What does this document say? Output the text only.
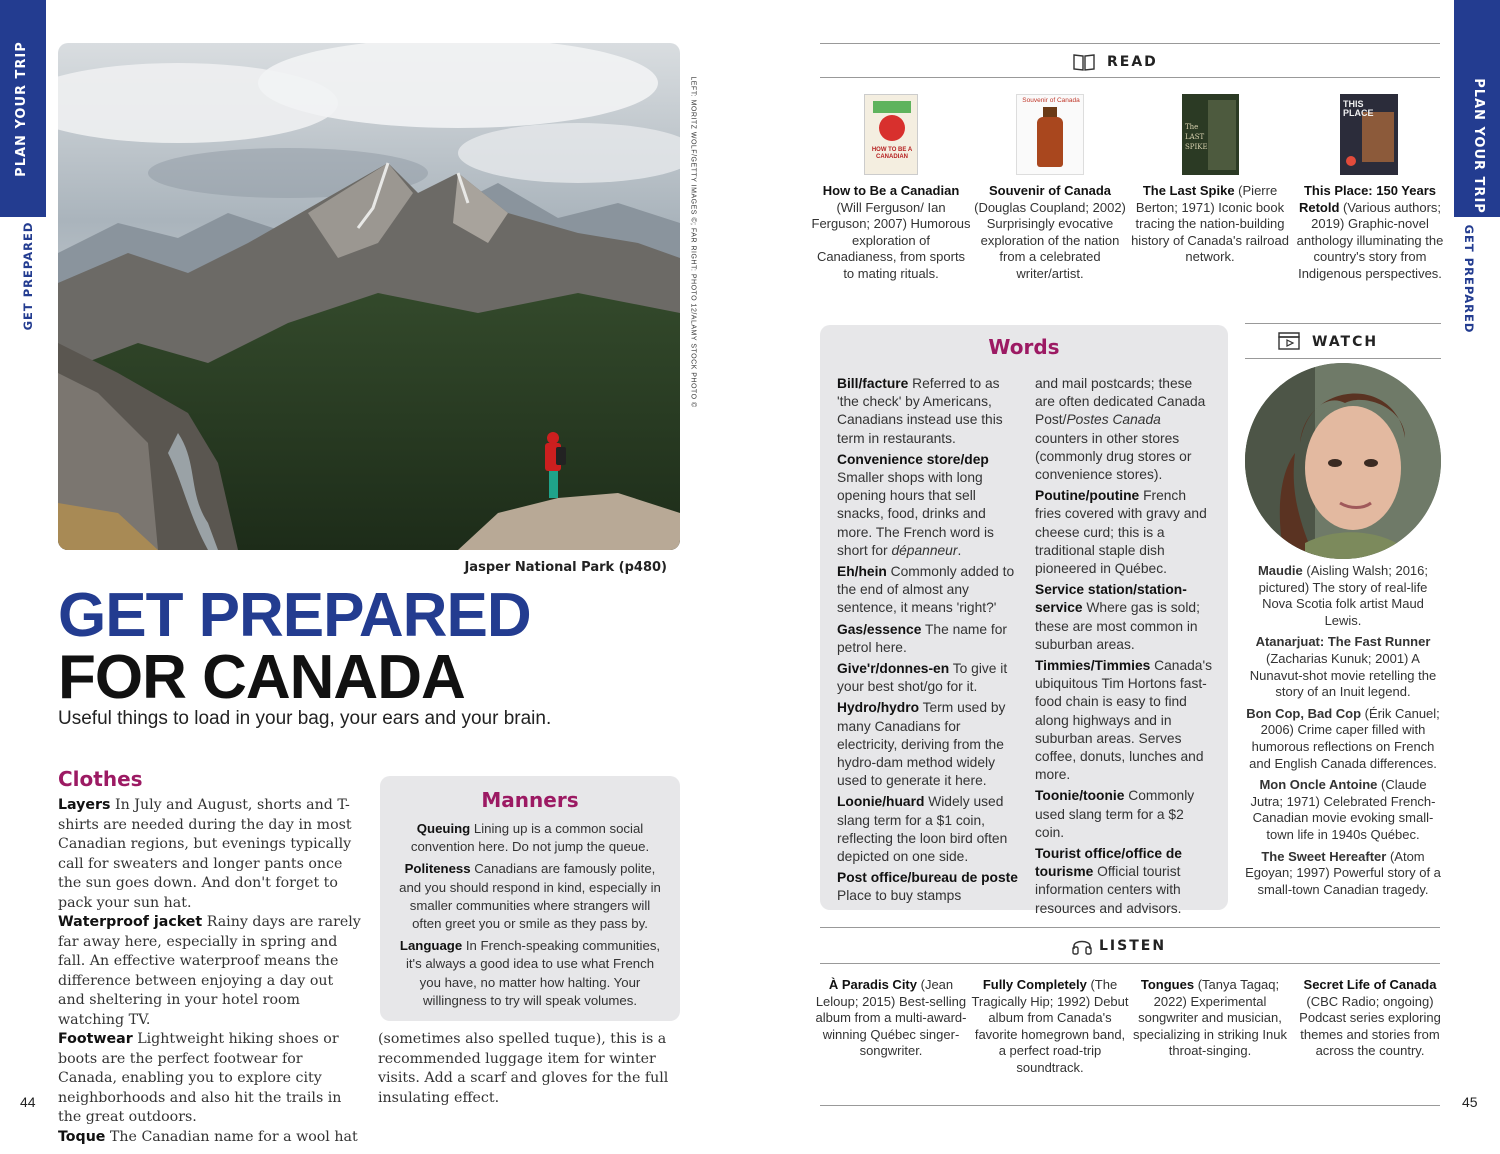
PLAN YOUR TRIP
GET PREPARED
44
LEFT: MORITZ WOLF/GETTY IMAGES ©; FAR RIGHT: PHOTO 12/ALAMY STOCK PHOTO ©
Jasper National Park (p480)
GET PREPARED
FOR CANADA
Useful things to load in your bag, your ears and your brain.
Clothes

Layers In July and August, shorts and T-shirts are needed during the day in most Canadian regions, but evenings typically call for sweaters and longer pants once the sun goes down. And don't forget to pack your sun hat.

Waterproof jacket Rainy days are rarely far away here, especially in spring and fall. An effective waterproof means the difference between enjoying a day out and sheltering in your hotel room watching TV.

Footwear Lightweight hiking shoes or boots are the perfect footwear for Canada, enabling you to explore city neighborhoods and also hit the trails in the great outdoors.

Toque The Canadian name for a wool hat

Manners

Queuing Lining up is a common social convention here. Do not jump the queue.

Politeness Canadians are famously polite, and you should respond in kind, especially in smaller communities where strangers will often greet you or smile as they pass by.

Language In French-speaking communities, it's always a good idea to use what French you have, no matter how halting. Your willingness to try will speak volumes.

(sometimes also spelled tuque), this is a recommended luggage item for winter visits. Add a scarf and gloves for the full insulating effect.
PLAN YOUR TRIP
GET PREPARED
45
READ
HOW TO BE A CANADIAN
Souvenir of Canada
The LAST SPIKE
THIS PLACE
How to Be a Canadian (Will Ferguson/ Ian Ferguson; 2007) Humorous exploration of Canadianess, from sports to mating rituals.
Souvenir of Canada (Douglas Coupland; 2002) Surprisingly evocative exploration of the nation from a celebrated writer/artist.
The Last Spike (Pierre Berton; 1971) Iconic book tracing the nation-building history of Canada's railroad network.
This Place: 150 Years Retold (Various authors; 2019) Graphic-novel anthology illuminating the country's story from Indigenous perspectives.
Words

Bill/facture Referred to as 'the check' by Americans, Canadians instead use this term in restaurants.

Convenience store/dep Smaller shops with long opening hours that sell snacks, food, drinks and more. The French word is short for dépanneur.

Eh/hein Commonly added to the end of almost any sentence, it means 'right?'

Gas/essence The name for petrol here.

Give'r/donnes-en To give it your best shot/go for it.

Hydro/hydro Term used by many Canadians for electricity, deriving from the hydro-dam method widely used to generate it here.

Loonie/huard Widely used slang term for a $1 coin, reflecting the loon bird often depicted on one side.

Post office/bureau de poste Place to buy stamps

and mail postcards; these are often dedicated Canada Post/Postes Canada counters in other stores (commonly drug stores or convenience stores).

Poutine/poutine French fries covered with gravy and cheese curd; this is a traditional staple dish pioneered in Québec.

Service station/station-service Where gas is sold; these are most common in suburban areas.

Timmies/Timmies Canada's ubiquitous Tim Hortons fast-food chain is easy to find along highways and in suburban areas. Serves coffee, donuts, lunches and more.

Toonie/toonie Commonly used slang term for a $2 coin.

Tourist office/office de tourisme Official tourist information centers with resources and advisors.

WATCH

Maudie (Aisling Walsh; 2016; pictured) The story of real-life Nova Scotia folk artist Maud Lewis.

Atanarjuat: The Fast Runner (Zacharias Kunuk; 2001) A Nunavut-shot movie retelling the story of an Inuit legend.

Bon Cop, Bad Cop (Érik Canuel; 2006) Crime caper filled with humorous reflections on French and English Canada differences.

Mon Oncle Antoine (Claude Jutra; 1971) Celebrated French-Canadian movie evoking small-town life in 1940s Québec.

The Sweet Hereafter (Atom Egoyan; 1997) Powerful story of a small-town Canadian tragedy.

LISTEN
À Paradis City (Jean Leloup; 2015) Best-selling album from a multi-award-winning Québec singer-songwriter.
Fully Completely (The Tragically Hip; 1992) Debut album from Canada's favorite homegrown band, a perfect road-trip soundtrack.
Tongues (Tanya Tagaq; 2022) Experimental songwriter and musician, specializing in striking Inuk throat-singing.
Secret Life of Canada (CBC Radio; ongoing) Podcast series exploring themes and stories from across the country.
